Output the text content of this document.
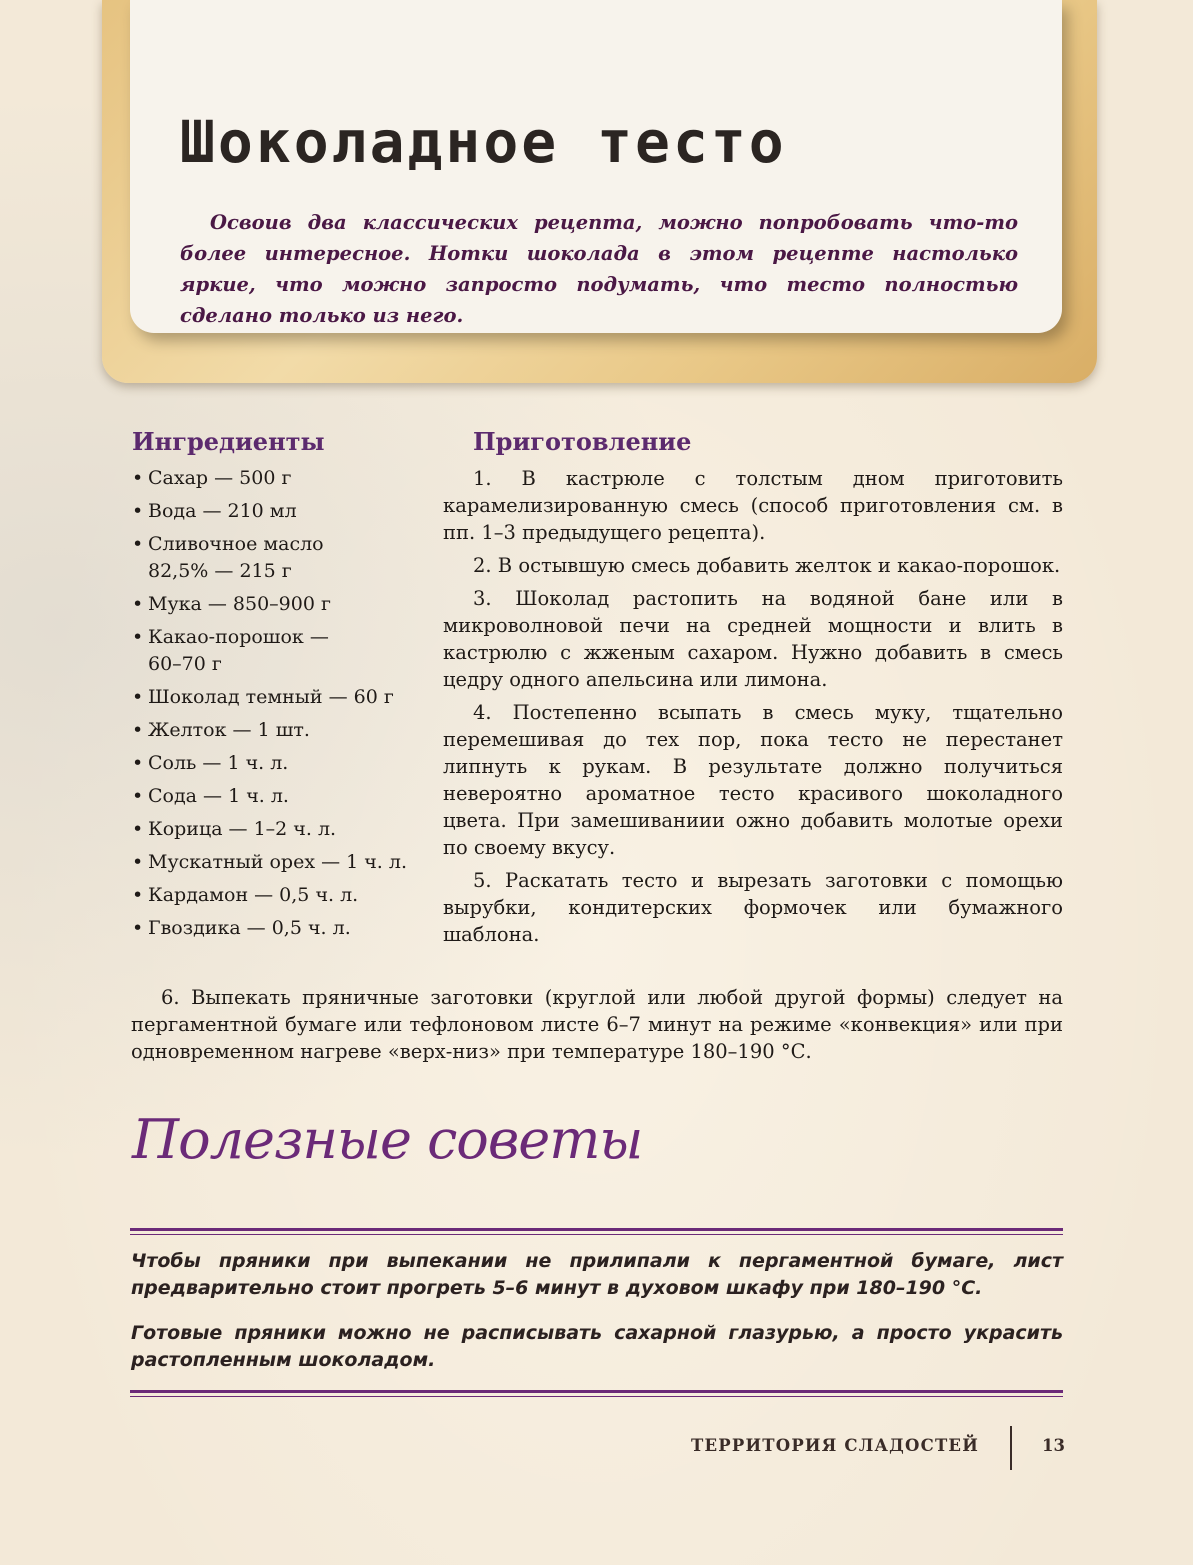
Шоколадное тесто

Освоив два классических рецепта, можно попробовать что-то более интересное. Нотки шоколада в этом рецепте настолько яркие, что можно запросто подумать, что тесто полностью сделано только из него.

Ингредиенты
• Сахар — 500 г
• Вода — 210 мл
• Сливочное масло 82,5% — 215 г
• Мука — 850–900 г
• Какао-порошок — 60–70 г
• Шоколад темный — 60 г
• Желток — 1 шт.
• Соль — 1 ч. л.
• Сода — 1 ч. л.
• Корица — 1–2 ч. л.
• Мускатный орех — 1 ч. л.
• Кардамон — 0,5 ч. л.
• Гвоздика — 0,5 ч. л.
Приготовление

1. В кастрюле с толстым дном приготовить карамелизированную смесь (способ приготовления см. в пп. 1–3 предыдущего рецепта).

2. В остывшую смесь добавить желток и какао-порошок.

3. Шоколад растопить на водяной бане или в микроволновой печи на средней мощности и влить в кастрюлю с жженым сахаром. Нужно добавить в смесь цедру одного апельсина или лимона.

4. Постепенно всыпать в смесь муку, тщательно перемешивая до тех пор, пока тесто не перестанет липнуть к рукам. В результате должно получиться невероятно ароматное тесто красивого шоколадного цвета. При замешиваниии ожно добавить молотые орехи по своему вкусу.

5. Раскатать тесто и вырезать заготовки с помощью вырубки, кондитерских формочек или бумажного шаблона.

6. Выпекать пряничные заготовки (круглой или любой другой формы) следует на пергаментной бумаге или тефлоновом листе 6–7 минут на режиме «конвекция» или при одновременном нагреве «верх-низ» при температуре 180–190 °С.

Полезные советы

Чтобы пряники при выпекании не прилипали к пергаментной бумаге, лист предварительно стоит прогреть 5–6 минут в духовом шкафу при 180–190 °С.

Готовые пряники можно не расписывать сахарной глазурью, а просто украсить растопленным шоколадом.

ТЕРРИТОРИЯ СЛАДОСТЕЙ	13
